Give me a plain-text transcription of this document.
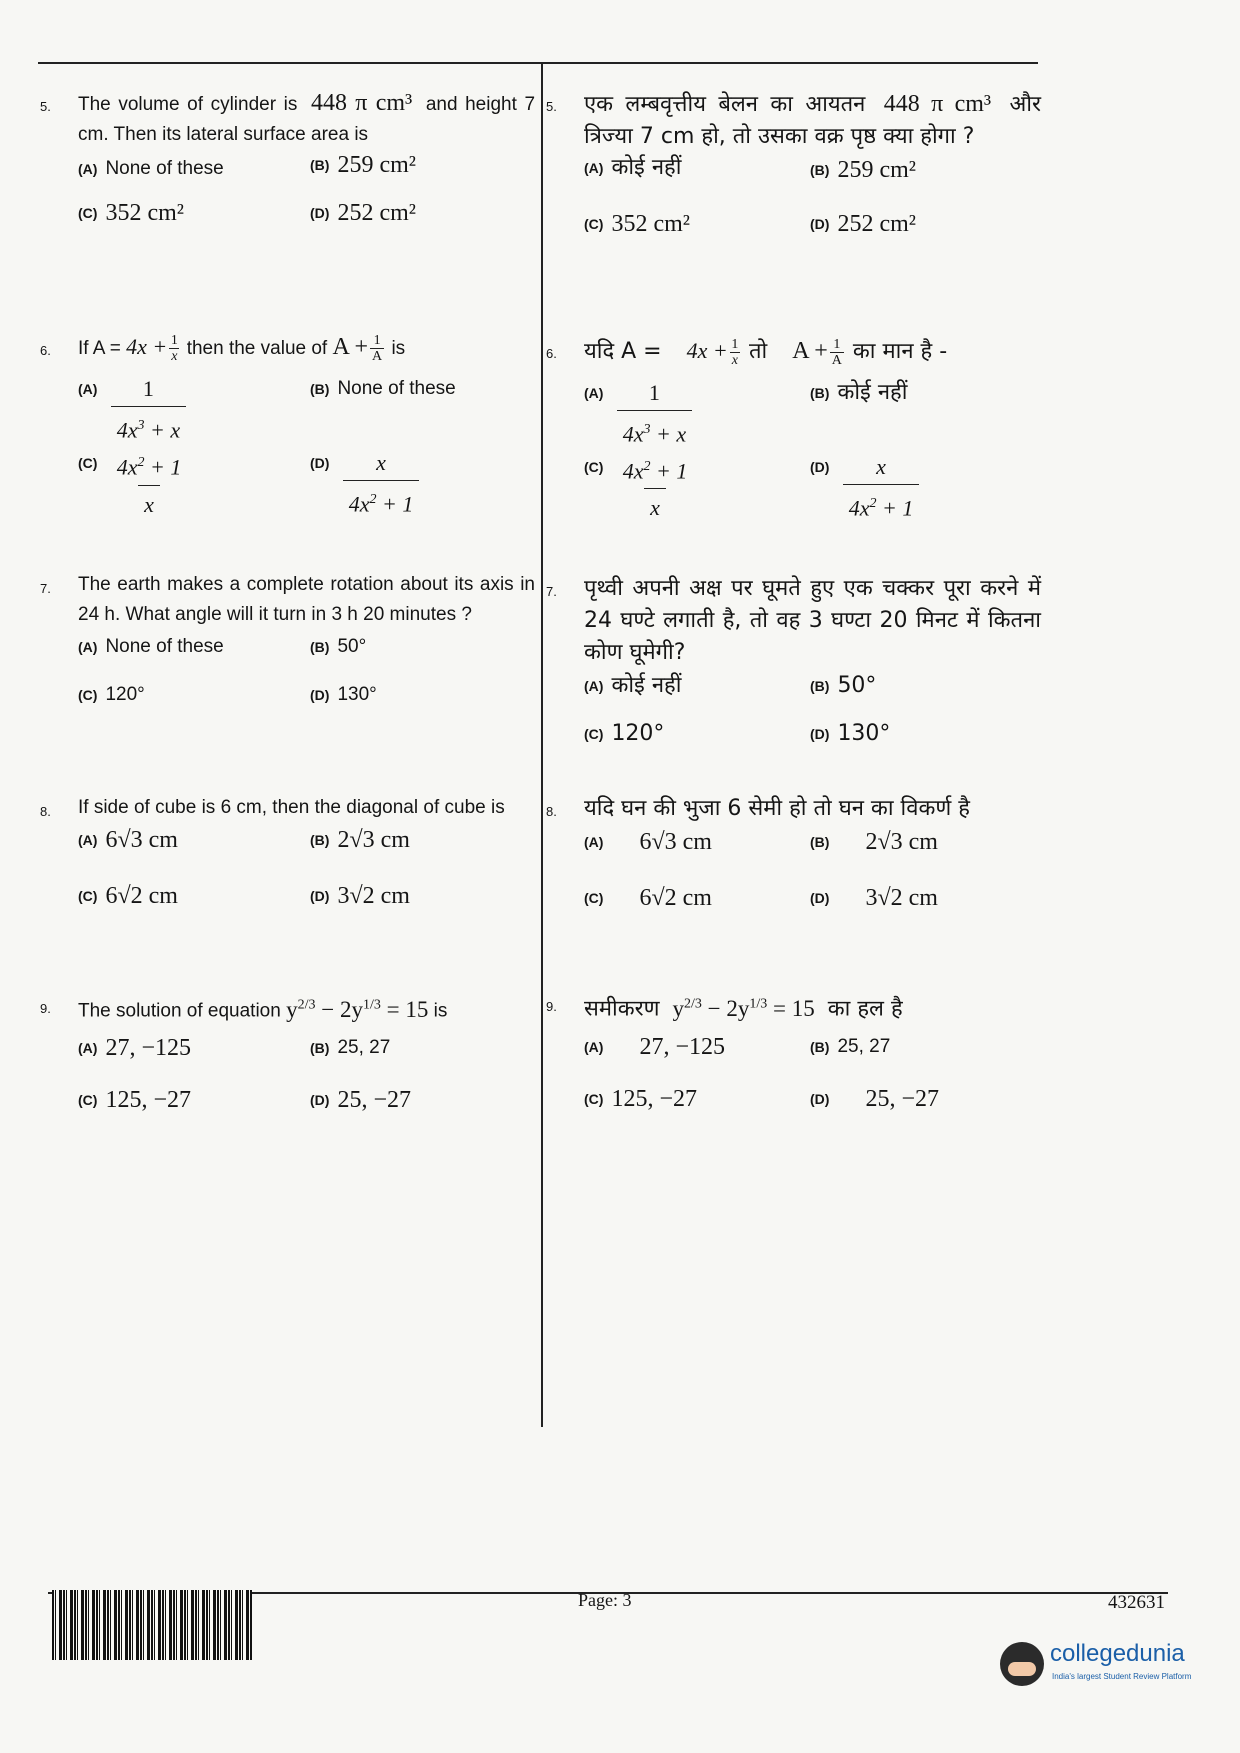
5. The volume of cylinder is 448 π cm³ and height 7 cm. Then its lateral surface area is
$^{(A)}$ None of these	$^{(B)}$ 259 cm²
$^{(C)}$ 352 cm²	$^{(D)}$ 252 cm²
6. If $A = 4x + \frac{1}{x}$ then the value of $A + \frac{1}{A}$ is
$^{(A)} \frac{1}{4x^3 + x}$	$^{(B)}$ None of these
$^{(C)} \frac{4x^2 + 1}{x}$	$^{(D)} \frac{x}{4x^2 + 1}$
7. The earth makes a complete rotation about its axis in 24 h. What angle will it turn in 3 h 20 minutes ?
$^{(A)}$ None of these	$^{(B)}$ 50°
$^{(C)}$ 120°	$^{(D)}$ 130°
8. If side of cube is 6 cm, then the diagonal of cube is
$^{(A)}$ 6√3 cm	$^{(B)}$ 2√3 cm
$^{(C)}$ 6√2 cm	$^{(D)}$ 3√2 cm
9. The solution of equation $y^{2/3} - 2y^{1/3} = 15$ is
$^{(A)}$ 27, −125	$^{(B)}$ 25, 27
$^{(C)}$ 125, −27	$^{(D)}$ 25, −27
5. एक लम्बवृत्तीय बेलन का आयतन 448 π cm³ और त्रिज्या 7 cm हो, तो उसका वक्र पृष्ठ क्या होगा ?
$^{(A)}$ कोई नहीं	$^{(B)}$ 259 cm²
$^{(C)}$ 352 cm²	$^{(D)}$ 252 cm²
6. यदि $A = 4x + \frac{1}{x}$ तो $A + \frac{1}{A}$ का मान है -
$^{(A)} \frac{1}{4x^3 + x}$	$^{(B)}$ कोई नहीं
$^{(C)} \frac{4x^2 + 1}{x}$	$^{(D)} \frac{x}{4x^2 + 1}$
7. पृथ्वी अपनी अक्ष पर घूमते हुए एक चक्कर पूरा करने में 24 घण्टे लगाती है, तो वह 3 घण्टा 20 मिनट में कितना कोण घूमेगी?
$^{(A)}$ कोई नहीं	$^{(B)}$ 50°
$^{(C)}$ 120°	$^{(D)}$ 130°
8. यदि घन की भुजा 6 सेमी हो तो घन का विकर्ण है
$^{(A)}$ 6√3 cm	$^{(B)}$ 2√3 cm
$^{(C)}$ 6√2 cm	$^{(D)}$ 3√2 cm
9. समीकरण $y^{2/3} - 2y^{1/3} = 15$ का हल है
$^{(A)}$ 27, −125	$^{(B)}$ 25, 27
$^{(C)}$ 125, −27	$^{(D)}$ 25, −27
Page: 3	432631
collegedunia
India's largest Student Review Platform
